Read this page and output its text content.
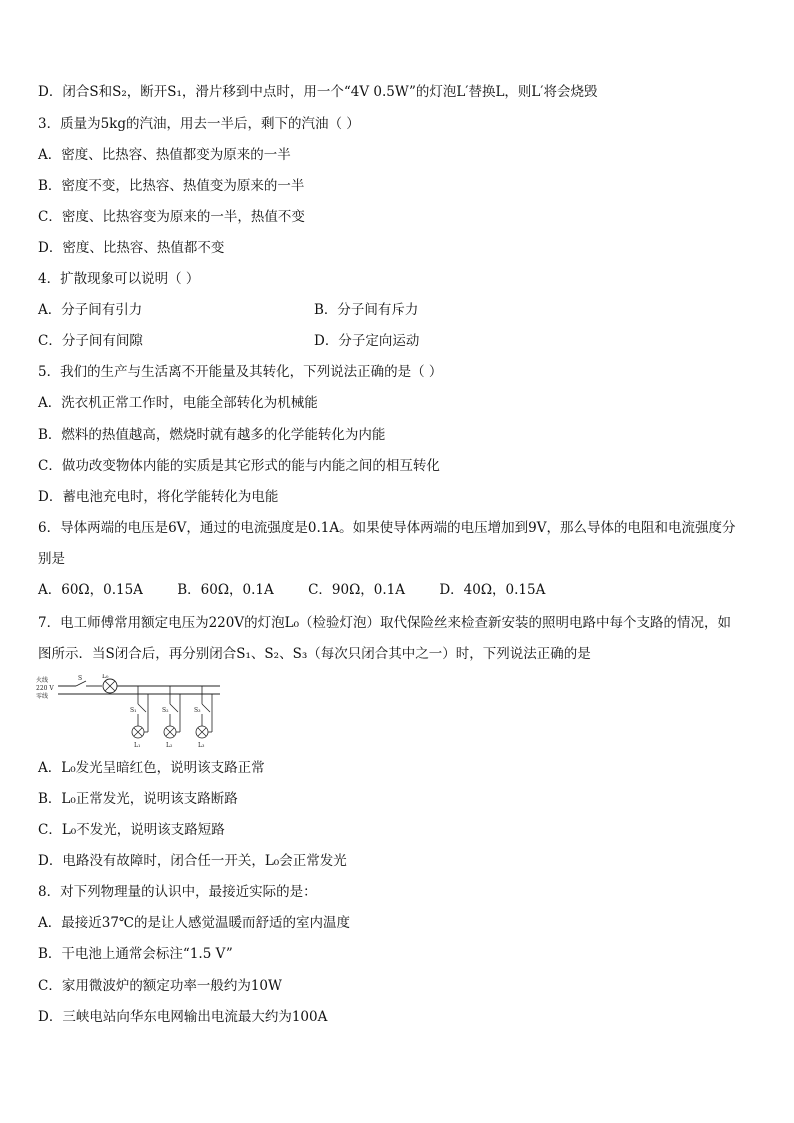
D．闭合S和S₂，断开S₁，滑片移到中点时，用一个“4V 0.5W”的灯泡L′替换L，则L′将会烧毁
3．质量为5kg的汽油，用去一半后，剩下的汽油（ ）
A．密度、比热容、热值都变为原来的一半
B．密度不变，比热容、热值变为原来的一半
C．密度、比热容变为原来的一半，热值不变
D．密度、比热容、热值都不变
4．扩散现象可以说明（ ）
A．分子间有引力	B．分子间有斥力
C．分子间有间隙	D．分子定向运动
5．我们的生产与生活离不开能量及其转化，下列说法正确的是（ ）
A．洗衣机正常工作时，电能全部转化为机械能
B．燃料的热值越高，燃烧时就有越多的化学能转化为内能
C．做功改变物体内能的实质是其它形式的能与内能之间的相互转化
D．蓄电池充电时，将化学能转化为电能
6．导体两端的电压是6V，通过的电流强度是0.1A。如果使导体两端的电压增加到9V，那么导体的电阻和电流强度分
别是
A．60Ω，0.15A        B．60Ω，0.1A        C．90Ω，0.1A        D．40Ω，0.15A
7．电工师傅常用额定电压为220V的灯泡L₀（检验灯泡）取代保险丝来检查新安装的照明电路中每个支路的情况，如
图所示．当S闭合后，再分别闭合S₁、S₂、S₃（每次只闭合其中之一）时，下列说法正确的是
火线
220 V
零线
S	L₀
S₁
L₁
S₂
L₂
S₃
L₃
A．L₀发光呈暗红色，说明该支路正常
B．L₀正常发光，说明该支路断路
C．L₀不发光，说明该支路短路
D．电路没有故障时，闭合任一开关，L₀会正常发光
8．对下列物理量的认识中，最接近实际的是：
A．最接近37℃的是让人感觉温暖而舒适的室内温度
B．干电池上通常会标注“1.5 V”
C．家用微波炉的额定功率一般约为10W
D．三峡电站向华东电网输出电流最大约为100A
